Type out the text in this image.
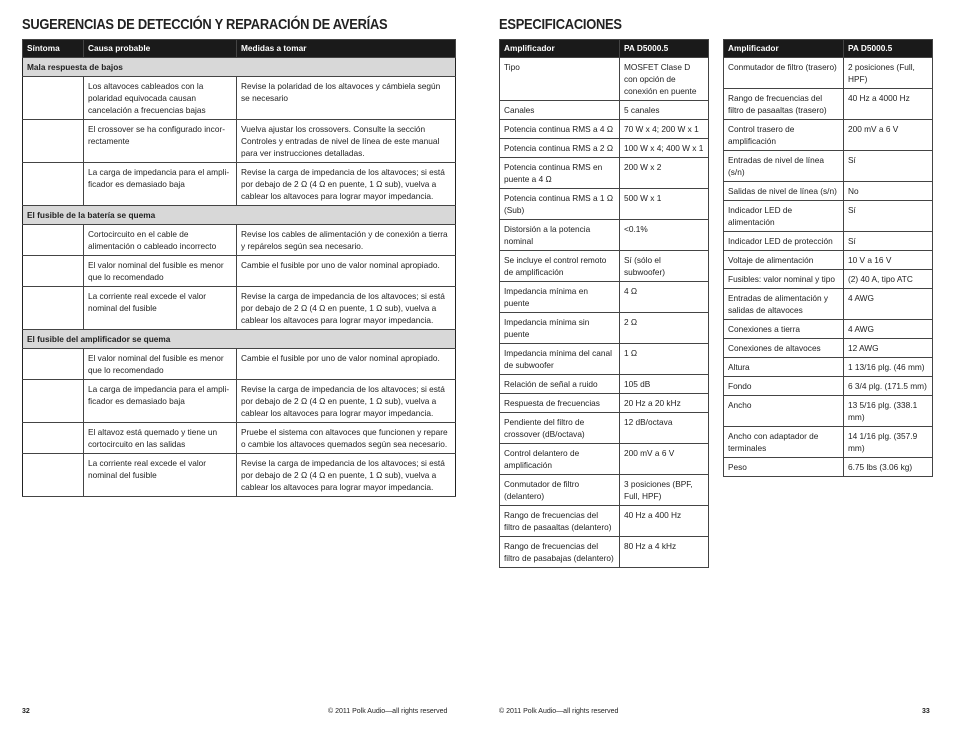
SUGERENCIAS DE DETECCIÓN Y REPARACIÓN DE AVERÍAS
Síntoma	Causa probable	Medidas a tomar
Mala respuesta de bajos		
	Los altavoces cableados con la polaridad equivocada causan cancelación a frecuencias bajas	Revise la polaridad de los altavoces y cámbiela según se necesario
	El crossover se ha configurado incor-rectamente	Vuelva ajustar los crossovers. Consulte la sección Controles y entradas de nivel de línea de este manual para ver instrucciones detalladas.
	La carga de impedancia para el ampli-ficador es demasiado baja	Revise la carga de impedancia de los altavoces; si está por debajo de 2 Ω (4 Ω en puente, 1 Ω sub), vuelva a cablear los altavoces para lograr mayor impedancia.
El fusible de la batería se quema		
	Cortocircuito en el cable de alimentación o cableado incorrecto	Revise los cables de alimentación y de conexión a tierra y repárelos según sea necesario.
	El valor nominal del fusible es menor que lo recomendado	Cambie el fusible por uno de valor nominal apropiado.
	La corriente real excede el valor nominal del fusible	Revise la carga de impedancia de los altavoces; si está por debajo de 2 Ω (4 Ω en puente, 1 Ω sub), vuelva a cablear los altavoces para lograr mayor impedancia.
El fusible del amplificador se quema		
	El valor nominal del fusible es menor que lo recomendado	Cambie el fusible por uno de valor nominal apropiado.
	La carga de impedancia para el ampli-ficador es demasiado baja	Revise la carga de impedancia de los altavoces; si está por debajo de 2 Ω (4 Ω en puente, 1 Ω sub), vuelva a cablear los altavoces para lograr mayor impedancia.
	El altavoz está quemado y tiene un cortocircuito en las salidas	Pruebe el sistema con altavoces que funcionen y repare o cambie los altavoces quemados según sea necesario.
	La corriente real excede el valor nominal del fusible	Revise la carga de impedancia de los altavoces; si está por debajo de 2 Ω (4 Ω en puente, 1 Ω sub), vuelva a cablear los altavoces para lograr mayor impedancia.
32	© 2011 Polk Audio—all rights reserved
ESPECIFICACIONES
Amplificador	PA D5000.5
Tipo	MOSFET Clase D con opción de conexión en puente
Canales	5 canales
Potencia continua RMS a 4 Ω	70 W x 4; 200 W x 1
Potencia continua RMS a 2 Ω	100 W x 4; 400 W x 1
Potencia continua RMS en puente a 4 Ω	200 W x 2
Potencia continua RMS a 1 Ω (Sub)	500 W x 1
Distorsión a la potencia nominal	<0.1%
Se incluye el control remoto de amplificación	Sí (sólo el subwoofer)
Impedancia mínima en puente	4 Ω
Impedancia mínima sin puente	2 Ω
Impedancia mínima del canal de subwoofer	1 Ω
Relación de señal a ruido	105 dB
Respuesta de frecuencias	20 Hz a 20 kHz
Pendiente del filtro de crossover (dB/octava)	12 dB/octava
Control delantero de amplificación	200 mV a 6 V
Conmutador de filtro (delantero)	3 posiciones (BPF, Full, HPF)
Rango de frecuencias del filtro de pasaaltas (delantero)	40 Hz a 400 Hz
Rango de frecuencias del filtro de pasabajas (delantero)	80 Hz a 4 kHz
Amplificador	PA D5000.5
Conmutador de filtro (trasero)	2 posiciones (Full, HPF)
Rango de frecuencias del filtro de pasaaltas (trasero)	40 Hz a 4000 Hz
Control trasero de amplificación	200 mV a 6 V
Entradas de nivel de línea (s/n)	Sí
Salidas de nivel de línea (s/n)	No
Indicador LED de alimentación	Sí
Indicador LED de protección	Sí
Voltaje de alimentación	10 V a 16 V
Fusibles: valor nominal y tipo	(2) 40 A, tipo ATC
Entradas de alimentación y salidas de altavoces	4 AWG
Conexiones a tierra	4 AWG
Conexiones de altavoces	12 AWG
Altura	1 13/16 plg. (46 mm)
Fondo	6 3/4 plg. (171.5 mm)
Ancho	13 5/16 plg. (338.1 mm)
Ancho con adaptador de terminales	14 1/16 plg. (357.9 mm)
Peso	6.75 lbs (3.06 kg)
© 2011 Polk Audio—all rights reserved	33
